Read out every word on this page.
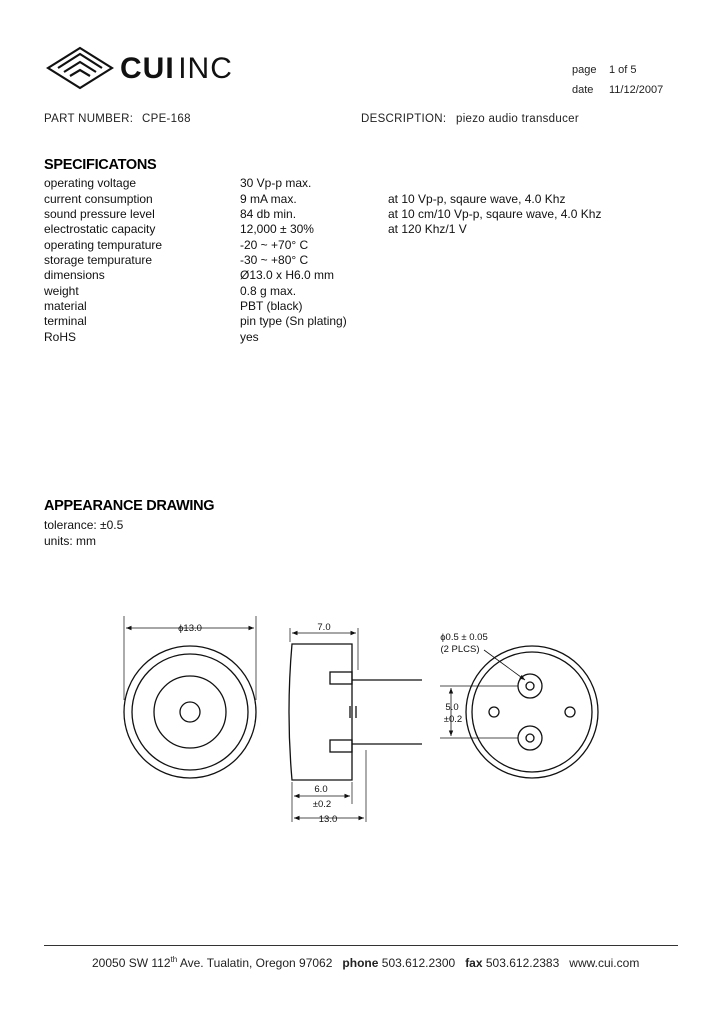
CUI  INC	page 1 of 5
date 11/12/2007
PART NUMBER: CPE-168	DESCRIPTION: piezo audio transducer
SPECIFICATONS
operating voltage	30 Vp-p max.
current consumption	9 mA max.	at 10 Vp-p, sqaure wave, 4.0 Khz
sound pressure level	84 db min.	at 10 cm/10 Vp-p, sqaure wave, 4.0 Khz
electrostatic capacity	12,000 ± 30%	at 120 Khz/1 V
operating tempurature	-20 ~ +70° C
storage tempurature	-30 ~ +80° C
dimensions	Ø13.0 x H6.0 mm
weight	0.8 g max.
material	PBT (black)
terminal	pin type (Sn plating)
RoHS	yes
APPEARANCE DRAWING
tolerance: ±0.5
units: mm
ϕ13.0	7.0
ϕ0.5 ± 0.05
(2 PLCS)
5.0
±0.2
6.0
±0.2
13.0
20050 SW 112th Ave. Tualatin, Oregon 97062 phone 503.612.2300 fax 503.612.2383 www.cui.com
